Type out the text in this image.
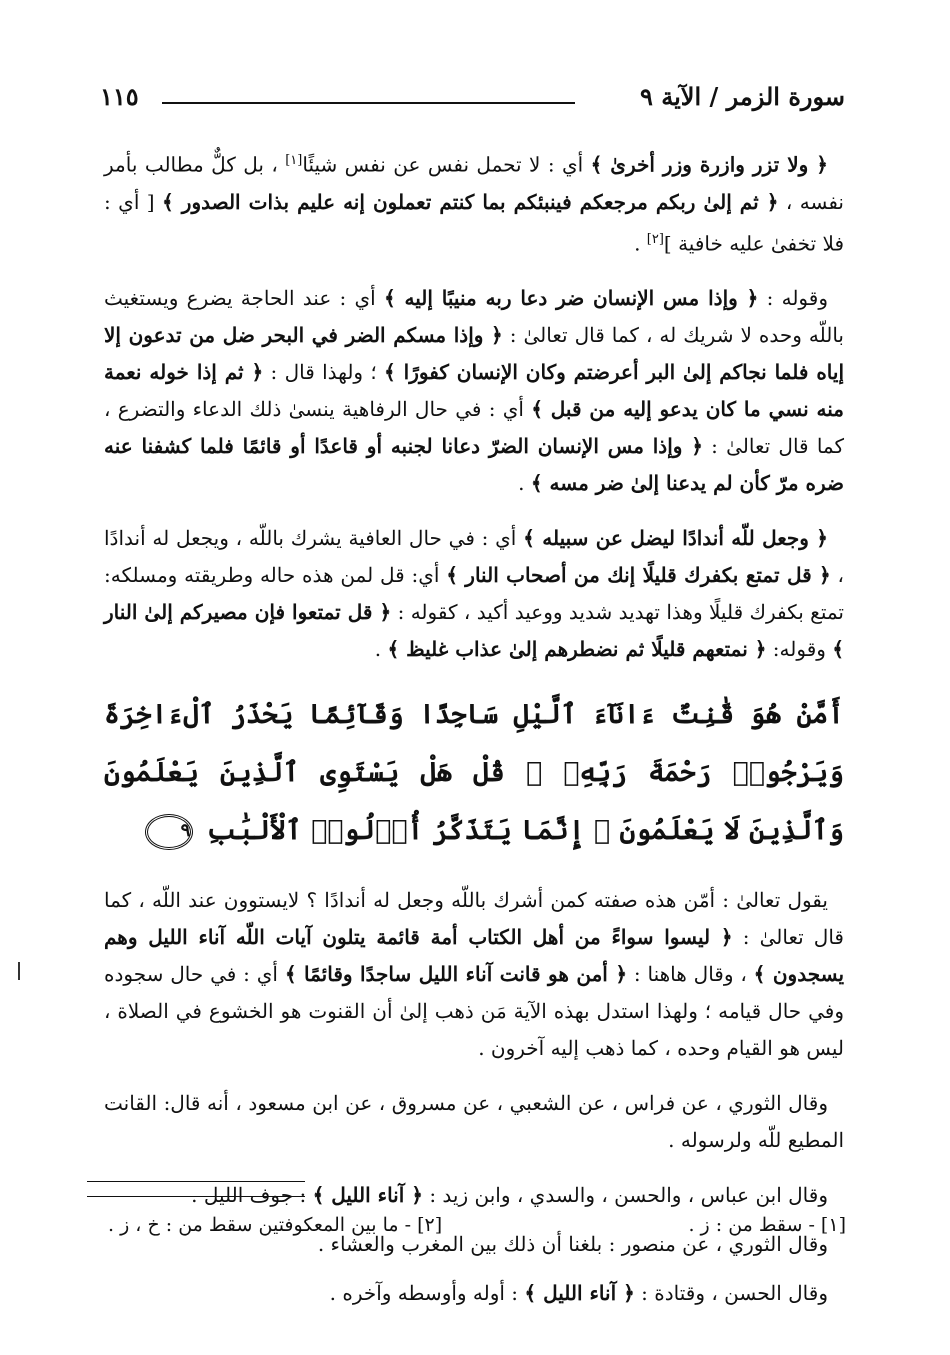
سورة الزمر / الآية ٩
١١٥

﴿ ولا تزر وازرة وزر أخرىٰ ﴾ أي : لا تحمل نفس عن نفس شيئًا[١] ، بل كلٌّ مطالب بأمر نفسه ، ﴿ ثم إلىٰ ربكم مرجعكم فينبئكم بما كنتم تعملون إنه عليم بذات الصدور ﴾ [ أي : فلا تخفىٰ عليه خافية ][٢] .

وقوله : ﴿ وإذا مس الإنسان ضر دعا ربه منيبًا إليه ﴾ أي : عند الحاجة يضرع ويستغيث باللّه وحده لا شريك له ، كما قال تعالىٰ : ﴿ وإذا مسكم الضر في البحر ضل من تدعون إلا إياه فلما نجاكم إلىٰ البر أعرضتم وكان الإنسان كفورًا ﴾ ؛ ولهذا قال : ﴿ ثم إذا خوله نعمة منه نسي ما كان يدعو إليه من قبل ﴾ أي : في حال الرفاهية ينسىٰ ذلك الدعاء والتضرع ، كما قال تعالىٰ : ﴿ وإذا مس الإنسان الضرّ دعانا لجنبه أو قاعدًا أو قائمًا فلما كشفنا عنه ضره مرّ كأن لم يدعنا إلىٰ ضر مسه ﴾ .

﴿ وجعل للّه أندادًا ليضل عن سبيله ﴾ أي : في حال العافية يشرك باللّه ، ويجعل له أندادًا ، ﴿ قل تمتع بكفرك قليلًا إنك من أصحاب النار ﴾ أي: قل لمن هذه حاله وطريقته ومسلكه: تمتع بكفرك قليلًا وهذا تهديد شديد ووعيد أكيد ، كقوله : ﴿ قل تمتعوا فإن مصيركم إلىٰ النار ﴾ وقوله: ﴿ نمتعهم قليلًا ثم نضطرهم إلىٰ عذاب غليظ ﴾ .

أَمَّنْ هُوَ قَٰنِتٌ ءَانَآءَ ٱلَّيْلِ سَاجِدًا وَقَآئِمًا يَحْذَرُ ٱلْءَاخِرَةَ وَيَرْجُوا۟ رَحْمَةَ رَبِّهِۦ ۗ قُلْ هَلْ يَسْتَوِى ٱلَّذِينَ يَعْلَمُونَ وَٱلَّذِينَ لَا يَعْلَمُونَ ۗ إِنَّمَا يَتَذَكَّرُ أُو۟لُوا۟ ٱلْأَلْبَٰبِ ٩

يقول تعالىٰ : أمّن هذه صفته كمن أشرك باللّه وجعل له أندادًا ؟ لايستوون عند اللّه ، كما قال تعالىٰ : ﴿ ليسوا سواءً من أهل الكتاب أمة قائمة يتلون آيات اللّه آناء الليل وهم يسجدون ﴾ ، وقال هاهنا : ﴿ أمن هو قانت آناء الليل ساجدًا وقائمًا ﴾ أي : في حال سجوده وفي حال قيامه ؛ ولهذا استدل بهذه الآية مَن ذهب إلىٰ أن القنوت هو الخشوع في الصلاة ، ليس هو القيام وحده ، كما ذهب إليه آخرون .

وقال الثوري ، عن فراس ، عن الشعبي ، عن مسروق ، عن ابن مسعود ، أنه قال: القانت المطيع للّه ولرسوله .

وقال ابن عباس ، والحسن ، والسدي ، وابن زيد : ﴿ آناء الليل ﴾ : جوف الليل .

وقال الثوري ، عن منصور : بلغنا أن ذلك بين المغرب والعشاء .

وقال الحسن ، وقتادة : ﴿ آناء الليل ﴾ : أوله وأوسطه وآخره .

[١] - سقط من : ز .
[٢] - ما بين المعكوفتين سقط من : خ ، ز .
